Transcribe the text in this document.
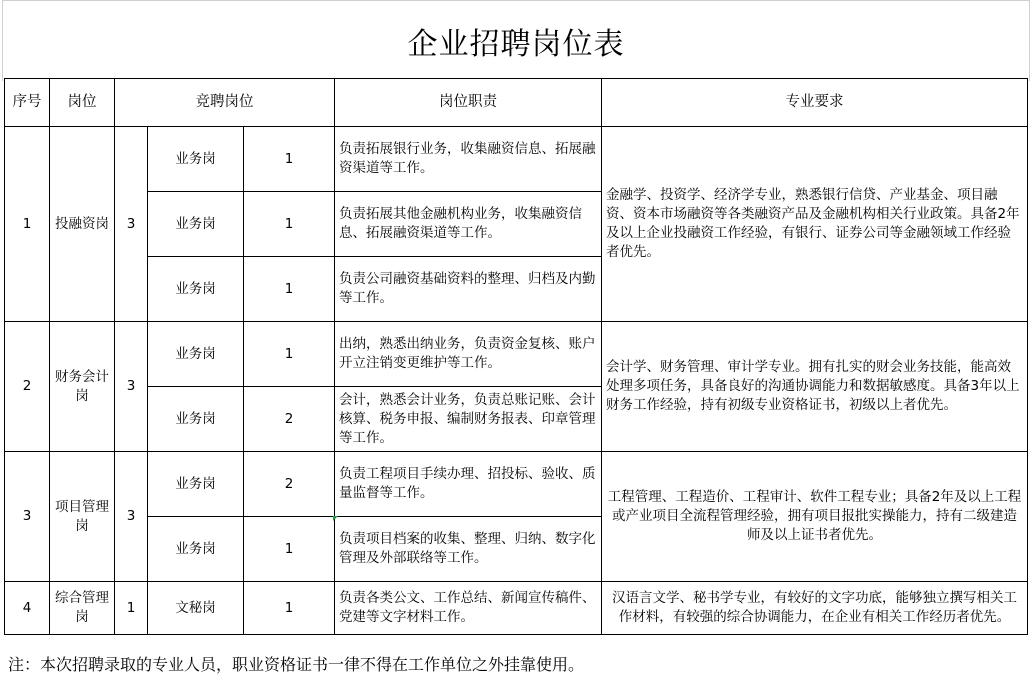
企业招聘岗位表
序号	岗位	竞聘岗位			岗位职责	专业要求
1	投融资岗	3	业务岗	1	负责拓展银行业务，收集融资信息、拓展融资渠道等工作。	金融学、投资学、经济学专业，熟悉银行信贷、产业基金、项目融资、资本市场融资等各类融资产品及金融机构相关行业政策。具备2年及以上企业投融资工作经验，有银行、证券公司等金融领域工作经验者优先。
			业务岗	1	负责拓展其他金融机构业务，收集融资信息、拓展融资渠道等工作。	
			业务岗	1	负责公司融资基础资料的整理、归档及内勤等工作。	
2	财务会计岗	3	业务岗	1	出纳，熟悉出纳业务，负责资金复核、账户开立注销变更维护等工作。	会计学、财务管理、审计学专业。拥有扎实的财会业务技能，能高效处理多项任务，具备良好的沟通协调能力和数据敏感度。具备3年以上财务工作经验，持有初级专业资格证书，初级以上者优先。
			业务岗	2	会计，熟悉会计业务，负责总账记账、会计核算、税务申报、编制财务报表、印章管理等工作。	
3	项目管理岗	3	业务岗	2	负责工程项目手续办理、招投标、验收、质量监督等工作。	工程管理、工程造价、工程审计、软件工程专业；具备2年及以上工程或产业项目全流程管理经验，拥有项目报批实操能力，持有二级建造师及以上证书者优先。
			业务岗	1	负责项目档案的收集、整理、归纳、数字化管理及外部联络等工作。	
4	综合管理岗	1	文秘岗	1	负责各类公文、工作总结、新闻宣传稿件、党建等文字材料工作。	汉语言文学、秘书学专业，有较好的文字功底，能够独立撰写相关工作材料，有较强的综合协调能力，在企业有相关工作经历者优先。
注：本次招聘录取的专业人员，职业资格证书一律不得在工作单位之外挂靠使用。
